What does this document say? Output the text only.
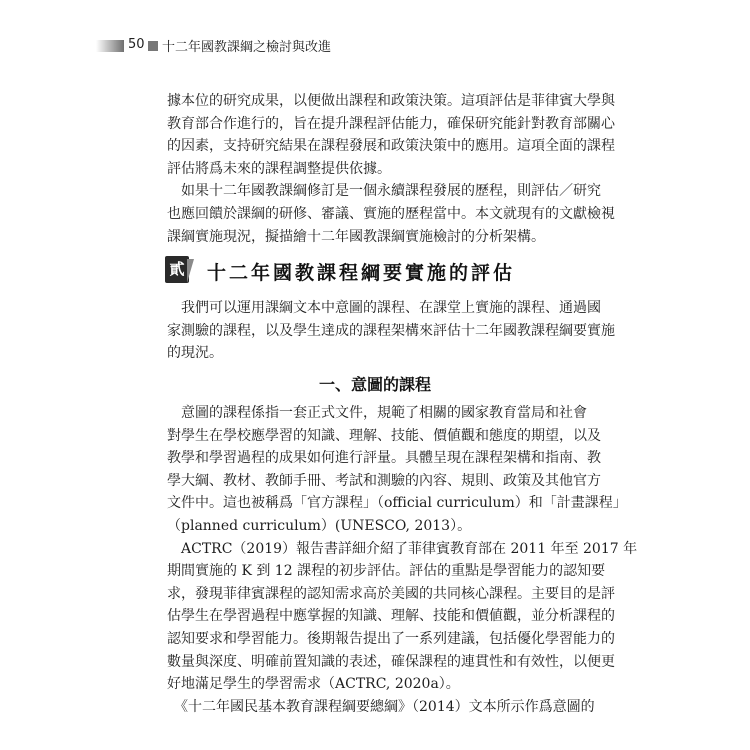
50 十二年國教課綱之檢討與改進
據本位的研究成果，以便做出課程和政策決策。這項評估是菲律賓大學與
教育部合作進行的，旨在提升課程評估能力，確保研究能針對教育部關心
的因素，支持研究結果在課程發展和政策決策中的應用。這項全面的課程
評估將爲未來的課程調整提供依據。
　如果十二年國教課綱修訂是一個永續課程發展的歷程，則評估／研究
也應回饋於課綱的研修、審議、實施的歷程當中。本文就現有的文獻檢視
課綱實施現況，擬描繪十二年國教課綱實施檢討的分析架構。
貳 十二年國教課程綱要實施的評估
　我們可以運用課綱文本中意圖的課程、在課堂上實施的課程、通過國
家測驗的課程，以及學生達成的課程架構來評估十二年國教課程綱要實施
的現況。
一、意圖的課程
　意圖的課程係指一套正式文件，規範了相關的國家教育當局和社會
對學生在學校應學習的知識、理解、技能、價値觀和態度的期望，以及
教學和學習過程的成果如何進行評量。具體呈現在課程架構和指南、教
學大綱、教材、教師手冊、考試和測驗的內容、規則、政策及其他官方
文件中。這也被稱爲「官方課程」（official curriculum）和「計畫課程」
（planned curriculum）(UNESCO, 2013）。
　ACTRC（2019）報告書詳細介紹了菲律賓教育部在 2011 年至 2017 年
期間實施的 K 到 12 課程的初步評估。評估的重點是學習能力的認知要
求，發現菲律賓課程的認知需求高於美國的共同核心課程。主要目的是評
估學生在學習過程中應掌握的知識、理解、技能和價値觀，並分析課程的
認知要求和學習能力。後期報告提出了一系列建議，包括優化學習能力的
數量與深度、明確前置知識的表述，確保課程的連貫性和有效性，以便更
好地滿足學生的學習需求（ACTRC, 2020a）。
　《十二年國民基本教育課程綱要總綱》（2014）文本所示作爲意圖的
